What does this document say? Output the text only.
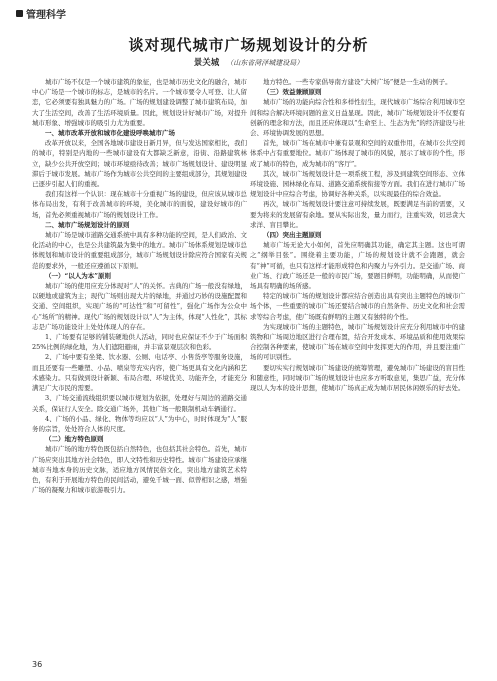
管理科学
谈对现代城市广场规划设计的分析
景关城 （山东省菏泽城建设局）

城市广场不仅是一个城市建筑的象征，也是城市历史文化的融合，城市中心广场是一个城市的标志，是城市的名片。一个城市要令人可登、让人留恋，它必须要有独具魅力的广场。广场的规划建设调整了城市建筑布局，加大了生活空间，改善了生活环境质量。因此，规划设计好城市广场，对提升城市形象、增强城市的吸引力尤为重要。

一、城市改革开放和城市化建设呼唤城市广场

改革开放以来，全国各地城市建设日新月异，但与发达国家相比，我们的城市，特别是内地的一些城市建设有大都缺乏新意，沿街、沿路建筑林立，缺少公共开放空间；城市环境亟待改善；城市广场规划设计、建设明显滞后于城市发展。城市广场作为城市公共空间的主要组成部分，其规划建设已逐步引起人们的重视。

我们有这样一个认识：现在城市十分重视广场的建设，但应该从城市总体布局出发，有利于改善城市的环境，美化城市的面貌，建设好城市的广场，首先必须重视城市广场的规划设计工作。

二、城市广场规划设计的原则

城市广场是城市道路交通系统中具有多种功能的空间，是人们政治、文化活动的中心，也是公共建筑最为集中的地方。城市广场体系规划是城市总体规划和城市设计的重要组成部分，城市广场规划设计除应符合国家有关规范的要求外，一般还应遵循以下原则。

（一）“以人为本”原则

城市广场的使用应充分体现对“人”的关怀。古典的广场一般没有绿地，以硬地或建筑为主；现代广场则出现大片的绿地，并通过巧妙的设施配置和交通、空间组织，实现广场的“可达性”和“可留性”，强化广场作为公众中心“场所”的精神。现代广场的规划设计以“人”为主体，体现“人性化”，其标志是广场功能设计上处处体现人的存在。

1、广场要有足够的铺装硬地供人活动，同时也应保证不少于广场面积25%比例的绿化地，为人们遮阳避雨，并丰富景观层次和色彩。

2、广场中要有坐凳、饮水器、公厕、电话亭、小售货亭等服务设施，而且还要有一些雕塑、小品、喷泉等充实内容，使广场更具有文化内涵和艺术感染力。只有做到设计新颖、布局合理、环境优美、功能齐全，才能充分满足广大市民的需要。

3、广场交通流线组织要以城市规划为依据，处理好与周边的道路交通关系，保证行人安全。除交通广场外，其他广场一般限制机动车辆通行。

4、广场的小品、绿化、物体等均应以“人”为中心，时时体现为“人”服务的宗旨，处处符合人体的尺度。

（二）地方特色原则

城市广场的地方特色既包括自然特色，也包括其社会特色。首先，城市广场应突出其地方社会特色，即人文特性和历史特性。城市广场建设应承继城市当地本身的历史文脉，适应地方风情民俗文化，突出地方建筑艺术特色，有利于开展地方特色的民间活动，避免千城一面、似曾相识之感，增强广场的凝聚力和城市旅游吸引力。

地方特色。一些专家倡导南方建设“大树广场”便是一生动的例子。

（三）效益兼顾原则

城市广场的功能向综合性和多样性衍生，现代城市广场综合利用城市空间和综合解决环境问题的意义日益显现。因此，城市广场规划设计不仅要有创新的理念和方法，而且还应体现以“生命至上、生态为先”的经济建设与社会、环境协调发展的思想。

首先，城市广场在城市中兼有景观和空间的双重作用，在城市公共空间体系中占有重要地位。城市广场体现了城市的风貌，展示了城市的个性，形成了城市的特色，成为城市的“客厅”。

其次，城市广场规划设计是一项系统工程，涉及到建筑空间形态、立体环境设施、园林绿化布局、道路交通系统衔接等方面。我们在进行城市广场规划设计中应综合考虑，协调好各种关系，以实现最佳的综合效益。

再次，城市广场规划设计要注意可持续发展，既要满足当前的需要，又要为将来的发展留有余地。要从实际出发，量力而行，注重实效，切忌贪大求洋、盲目攀比。

（四）突出主题原则

城市广场无论大小如何，首先应明确其功能，确定其主题。这也可谓之“纲举目张”。围绕着主要功能，广场的规划设计就不会跑题，就会有“神”可循，也只有这样才能形成特色和内聚力与外引力。是交通广场、商业广场、行政广场还是一般的市民广场，要题目鲜明，功能明确，从而使广场具有明确的场所感。

特定的城市广场的规划设计都应结合创造出具有突出主题特色的城市广场个体，一些重要的城市广场还要结合城市的自然条件、历史文化和社会需求等综合考虑，使广场既有鲜明的主题又有独特的个性。

为实现城市广场的主题特色，城市广场规划设计应充分利用城市中的建筑物和广场周边地区进行合理布置，结合开发成本、环境品质和使用效果综合控制各种要素，使城市广场在城市空间中发挥更大的作用，并且要注重广场的可识别性。

要切实实行规划城市广场建设的统筹管理，避免城市广场建设的盲目性和随意性，同时城市广场的规划设计也应多方听取意见，集思广益，充分体现以人为本的设计思想，使城市广场真正成为城市居民休闲娱乐的好去处。

36
